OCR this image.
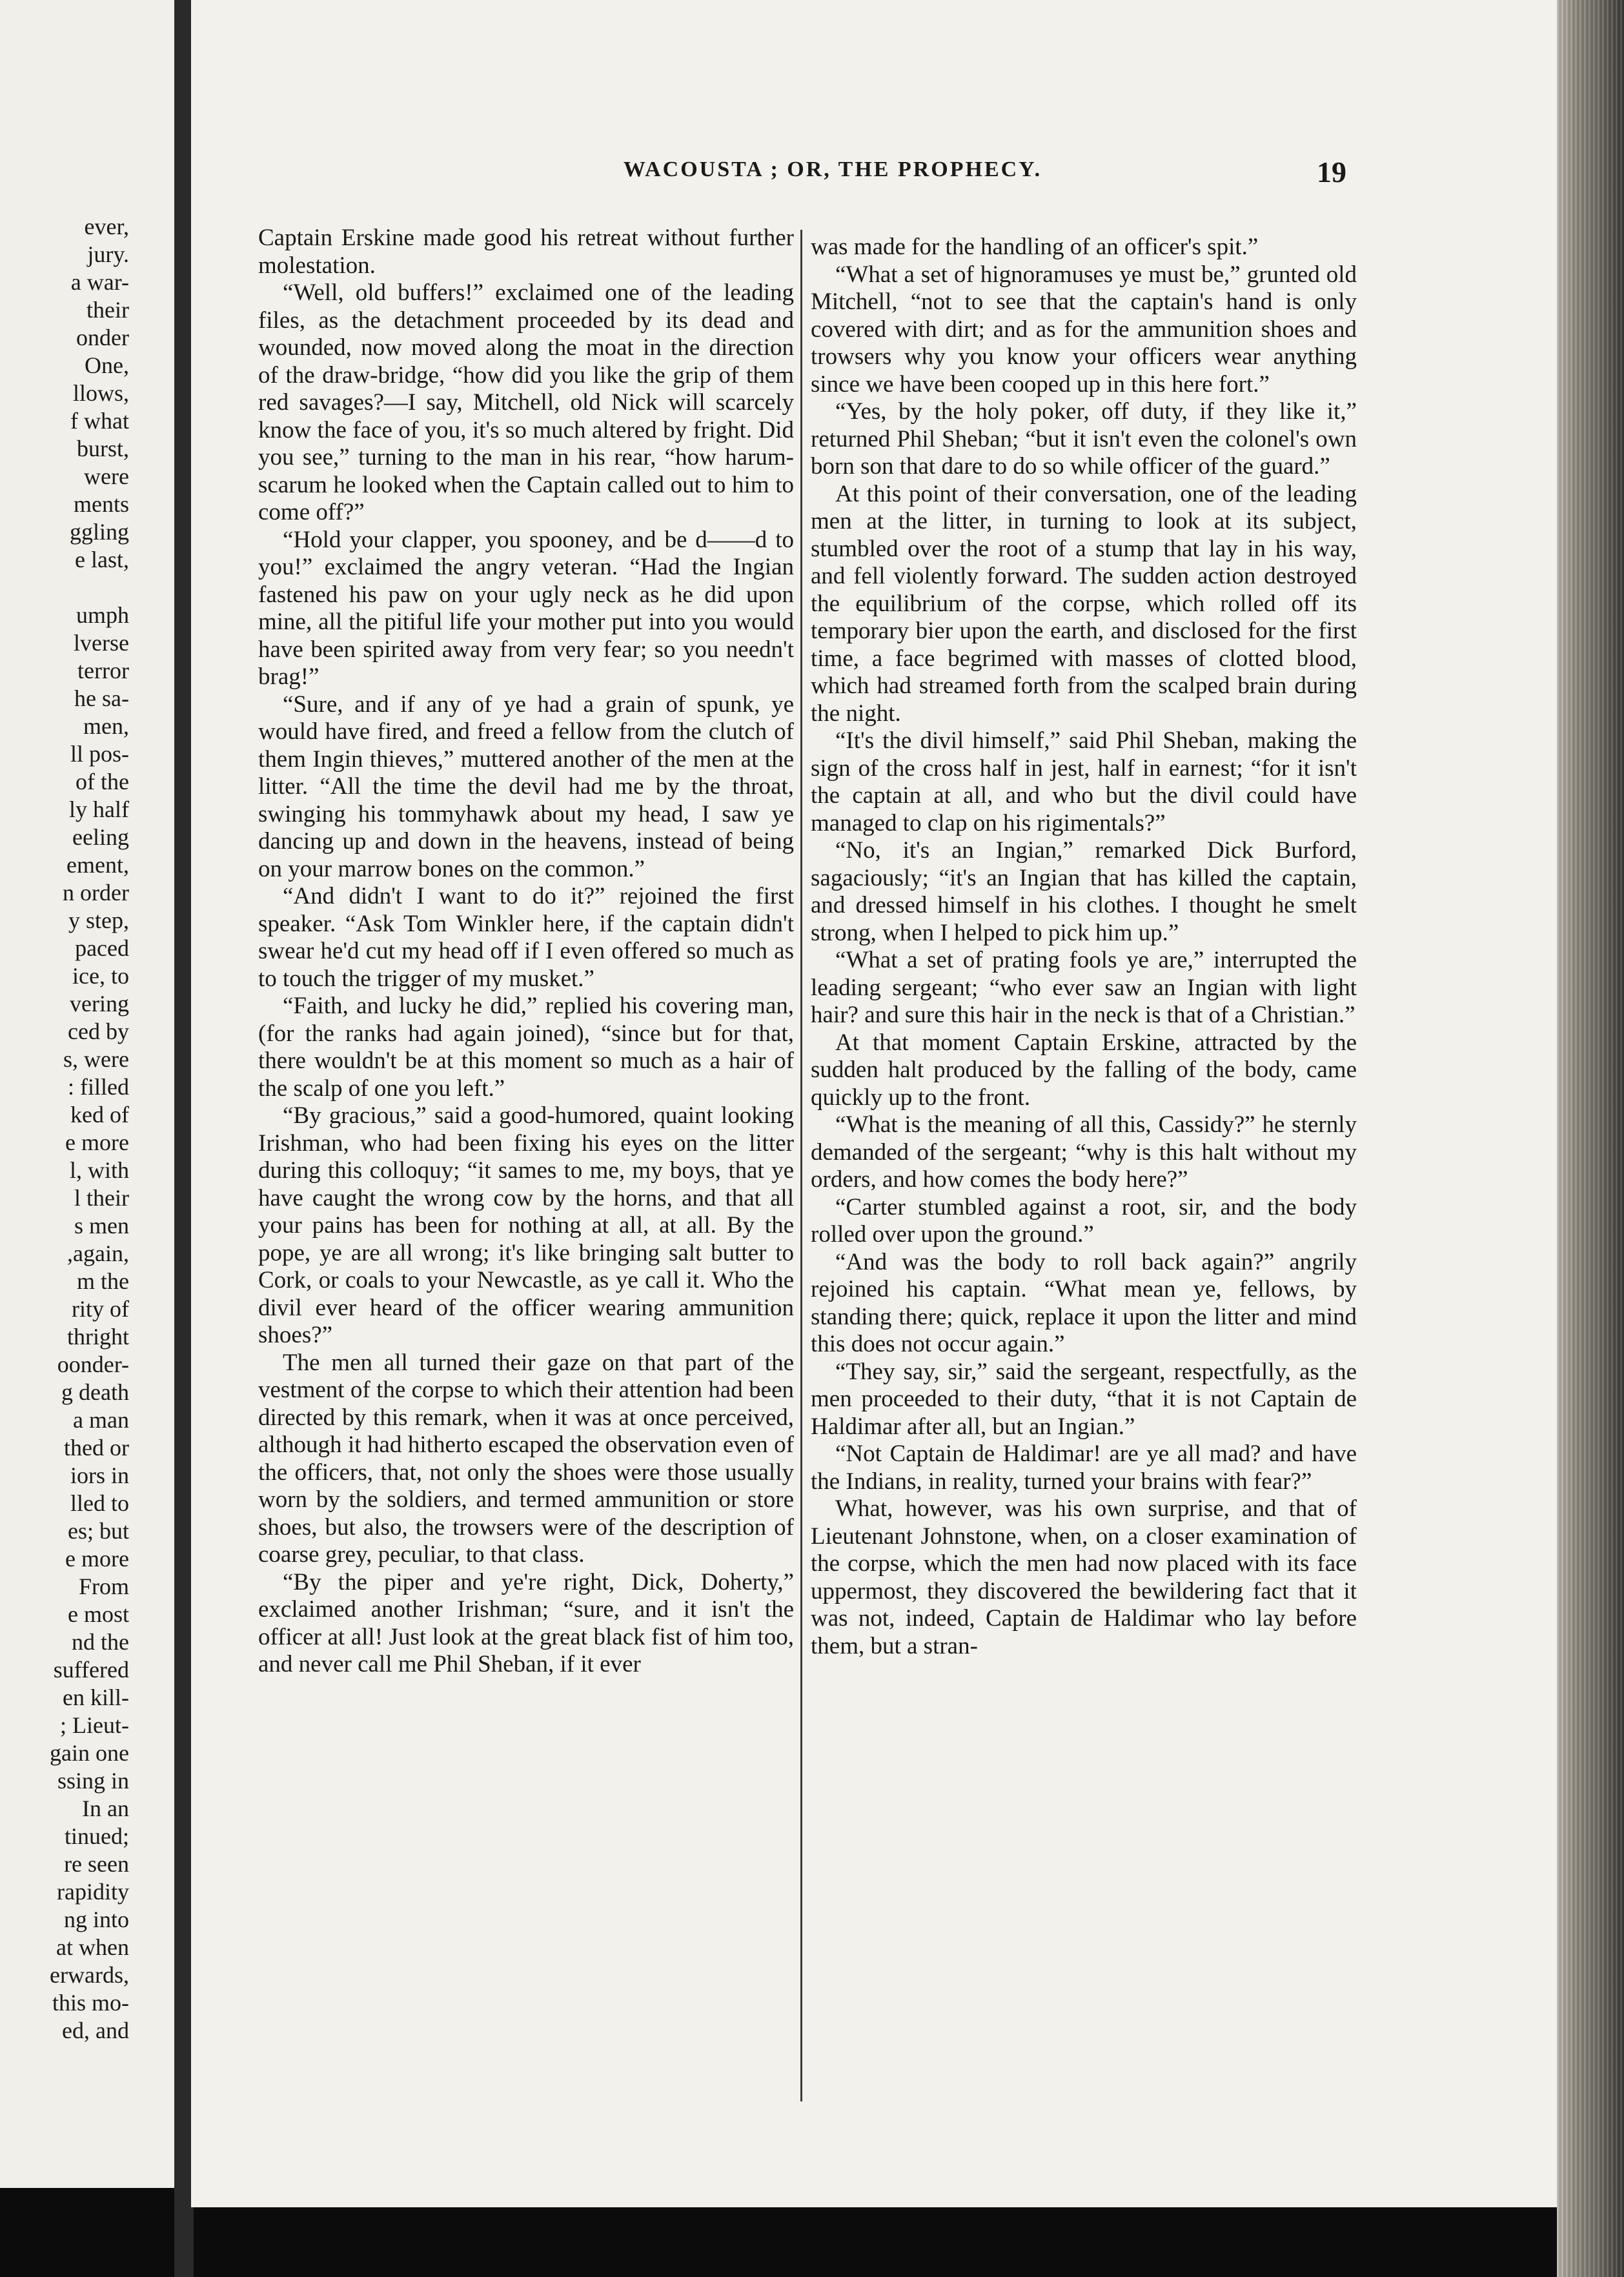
ever,
jury.
a war-
their
onder
One,
llows,
f what
burst,
were
ments
ggling
e last,

umph
lverse
terror
he sa-
men,
ll pos-
of the
ly half
eeling
ement,
n order
y step,
paced
ice, to
vering
ced by
s, were
: filled
ked of
e more
l, with
l their
s men
,again,
m the
rity of
thright
oonder-
g death
a man
thed or
iors in
lled to
es; but
e more
From
e most
nd the
suffered
en kill-
; Lieut-
gain one
ssing in
In an
tinued;
re seen
rapidity
ng into
at when
erwards,
this mo-
ed, and
WACOUSTA ; OR, THE PROPHECY.	19

Captain Erskine made good his retreat without further molestation.

“Well, old buffers!” exclaimed one of the leading files, as the detachment proceeded by its dead and wounded, now moved along the moat in the direction of the draw-bridge, “how did you like the grip of them red savages?—I say, Mitchell, old Nick will scarcely know the face of you, it's so much altered by fright. Did you see,” turning to the man in his rear, “how harum-scarum he looked when the Captain called out to him to come off?”

“Hold your clapper, you spooney, and be d——d to you!” exclaimed the angry veteran. “Had the Ingian fastened his paw on your ugly neck as he did upon mine, all the pitiful life your mother put into you would have been spirited away from very fear; so you needn't brag!”

“Sure, and if any of ye had a grain of spunk, ye would have fired, and freed a fellow from the clutch of them Ingin thieves,” muttered another of the men at the litter. “All the time the devil had me by the throat, swinging his tommyhawk about my head, I saw ye dancing up and down in the heavens, instead of being on your marrow bones on the common.”

“And didn't I want to do it?” rejoined the first speaker. “Ask Tom Winkler here, if the captain didn't swear he'd cut my head off if I even offered so much as to touch the trigger of my musket.”

“Faith, and lucky he did,” replied his covering man, (for the ranks had again joined), “since but for that, there wouldn't be at this moment so much as a hair of the scalp of one you left.”

“By gracious,” said a good-humored, quaint looking Irishman, who had been fixing his eyes on the litter during this colloquy; “it sames to me, my boys, that ye have caught the wrong cow by the horns, and that all your pains has been for nothing at all, at all. By the pope, ye are all wrong; it's like bringing salt butter to Cork, or coals to your Newcastle, as ye call it. Who the divil ever heard of the officer wearing ammunition shoes?”

The men all turned their gaze on that part of the vestment of the corpse to which their attention had been directed by this remark, when it was at once perceived, although it had hitherto escaped the observation even of the officers, that, not only the shoes were those usually worn by the soldiers, and termed ammunition or store shoes, but also, the trowsers were of the description of coarse grey, peculiar, to that class.

“By the piper and ye're right, Dick, Doherty,” exclaimed another Irishman; “sure, and it isn't the officer at all! Just look at the great black fist of him too, and never call me Phil Sheban, if it ever

was made for the handling of an officer's spit.”

“What a set of hignoramuses ye must be,” grunted old Mitchell, “not to see that the captain's hand is only covered with dirt; and as for the ammunition shoes and trowsers why you know your officers wear anything since we have been cooped up in this here fort.”

“Yes, by the holy poker, off duty, if they like it,” returned Phil Sheban; “but it isn't even the colonel's own born son that dare to do so while officer of the guard.”

At this point of their conversation, one of the leading men at the litter, in turning to look at its subject, stumbled over the root of a stump that lay in his way, and fell violently forward. The sudden action destroyed the equilibrium of the corpse, which rolled off its temporary bier upon the earth, and disclosed for the first time, a face begrimed with masses of clotted blood, which had streamed forth from the scalped brain during the night.

“It's the divil himself,” said Phil Sheban, making the sign of the cross half in jest, half in earnest; “for it isn't the captain at all, and who but the divil could have managed to clap on his rigimentals?”

“No, it's an Ingian,” remarked Dick Burford, sagaciously; “it's an Ingian that has killed the captain, and dressed himself in his clothes. I thought he smelt strong, when I helped to pick him up.”

“What a set of prating fools ye are,” interrupted the leading sergeant; “who ever saw an Ingian with light hair? and sure this hair in the neck is that of a Christian.”

At that moment Captain Erskine, attracted by the sudden halt produced by the falling of the body, came quickly up to the front.

“What is the meaning of all this, Cassidy?” he sternly demanded of the sergeant; “why is this halt without my orders, and how comes the body here?”

“Carter stumbled against a root, sir, and the body rolled over upon the ground.”

“And was the body to roll back again?” angrily rejoined his captain. “What mean ye, fellows, by standing there; quick, replace it upon the litter and mind this does not occur again.”

“They say, sir,” said the sergeant, respectfully, as the men proceeded to their duty, “that it is not Captain de Haldimar after all, but an Ingian.”

“Not Captain de Haldimar! are ye all mad? and have the Indians, in reality, turned your brains with fear?”

What, however, was his own surprise, and that of Lieutenant Johnstone, when, on a closer examination of the corpse, which the men had now placed with its face uppermost, they discovered the bewildering fact that it was not, indeed, Captain de Haldimar who lay before them, but a stran-
